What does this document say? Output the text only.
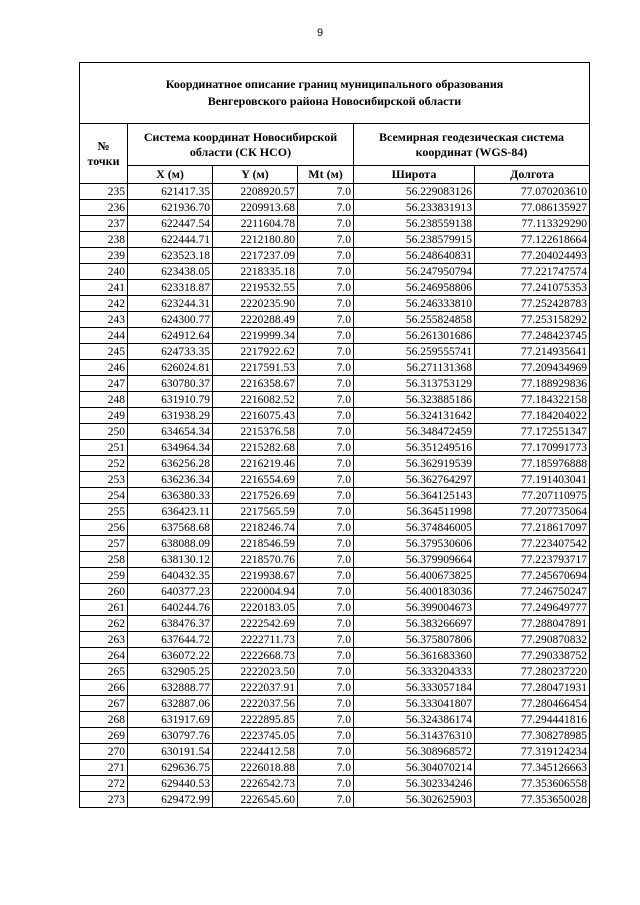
9
Координатное описание границ муниципального образования
Венгеровского района Новосибирской области					

№ точки	Система координат Новосибирской области (СК НСО)			Всемирная геодезическая система координат (WGS-84)	
	X (м)	Y (м)	Mt (м)	Широта	Долгота
235	621417.35	2208920.57	7.0	56.229083126	77.070203610
236	621936.70	2209913.68	7.0	56.233831913	77.086135927
237	622447.54	2211604.78	7.0	56.238559138	77.113329290
238	622444.71	2212180.80	7.0	56.238579915	77.122618664
239	623523.18	2217237.09	7.0	56.248640831	77.204024493
240	623438.05	2218335.18	7.0	56.247950794	77.221747574
241	623318.87	2219532.55	7.0	56.246958806	77.241075353
242	623244.31	2220235.90	7.0	56.246333810	77.252428783
243	624300.77	2220288.49	7.0	56.255824858	77.253158292
244	624912.64	2219999.34	7.0	56.261301686	77.248423745
245	624733.35	2217922.62	7.0	56.259555741	77.214935641
246	626024.81	2217591.53	7.0	56.271131368	77.209434969
247	630780.37	2216358.67	7.0	56.313753129	77.188929836
248	631910.79	2216082.52	7.0	56.323885186	77.184322158
249	631938.29	2216075.43	7.0	56.324131642	77.184204022
250	634654.34	2215376.58	7.0	56.348472459	77.172551347
251	634964.34	2215282.68	7.0	56.351249516	77.170991773
252	636256.28	2216219.46	7.0	56.362919539	77.185976888
253	636236.34	2216554.69	7.0	56.362764297	77.191403041
254	636380.33	2217526.69	7.0	56.364125143	77.207110975
255	636423.11	2217565.59	7.0	56.364511998	77.207735064
256	637568.68	2218246.74	7.0	56.374846005	77.218617097
257	638088.09	2218546.59	7.0	56.379530606	77.223407542
258	638130.12	2218570.76	7.0	56.379909664	77.223793717
259	640432.35	2219938.67	7.0	56.400673825	77.245670694
260	640377.23	2220004.94	7.0	56.400183036	77.246750247
261	640244.76	2220183.05	7.0	56.399004673	77.249649777
262	638476.37	2222542.69	7.0	56.383266697	77.288047891
263	637644.72	2222711.73	7.0	56.375807806	77.290870832
264	636072.22	2222668.73	7.0	56.361683360	77.290338752
265	632905.25	2222023.50	7.0	56.333204333	77.280237220
266	632888.77	2222037.91	7.0	56.333057184	77.280471931
267	632887.06	2222037.56	7.0	56.333041807	77.280466454
268	631917.69	2222895.85	7.0	56.324386174	77.294441816
269	630797.76	2223745.05	7.0	56.314376310	77.308278985
270	630191.54	2224412.58	7.0	56.308968572	77.319124234
271	629636.75	2226018.88	7.0	56.304070214	77.345126663
272	629440.53	2226542.73	7.0	56.302334246	77.353606558
273	629472.99	2226545.60	7.0	56.302625903	77.353650028
